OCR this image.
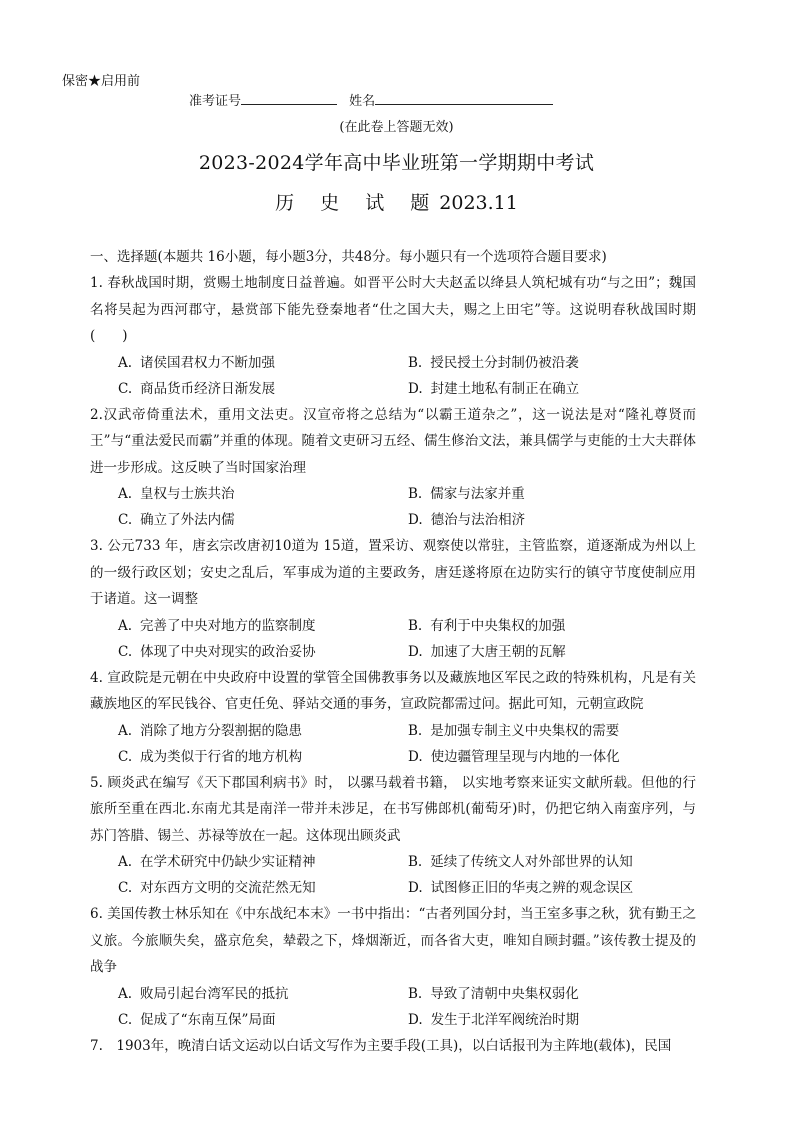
保密★启用前
准考证号	姓名
(在此卷上答题无效)
2023-2024学年高中毕业班第一学期期中考试
历 史 试 题2023.11
一、选择题(本题共 16小题，每小题3分，共48分。每小题只有一个选项符合题目要求)
1. 春秋战国时期，赏赐土地制度日益普遍。如晋平公时大夫赵孟以绛县人筑杞城有功“与之田”；魏国名将吴起为西河郡守，悬赏部下能先登秦地者“仕之国大夫，赐之上田宅”等。这说明春秋战国时期(　　)
A. 诸侯国君权力不断加强	B. 授民授土分封制仍被沿袭
C. 商品货币经济日渐发展	D. 封建土地私有制正在确立
2.汉武帝倚重法术，重用文法吏。汉宣帝将之总结为“以霸王道杂之”，这一说法是对“隆礼尊贤而王”与“重法爱民而霸”并重的体现。随着文吏研习五经、儒生修治文法，兼具儒学与吏能的士大夫群体进一步形成。这反映了当时国家治理
A. 皇权与士族共治	B. 儒家与法家并重
C. 确立了外法内儒	D. 德治与法治相济
3. 公元733 年，唐玄宗改唐初10道为 15道，置采访、观察使以常驻，主管监察，道逐渐成为州以上的一级行政区划；安史之乱后，军事成为道的主要政务，唐廷遂将原在边防实行的镇守节度使制应用于诸道。这一调整
A. 完善了中央对地方的监察制度	B. 有利于中央集权的加强
C. 体现了中央对现实的政治妥协	D. 加速了大唐王朝的瓦解
4. 宣政院是元朝在中央政府中设置的掌管全国佛教事务以及藏族地区军民之政的特殊机构，凡是有关藏族地区的军民钱谷、官吏任免、驿站交通的事务，宣政院都需过问。据此可知，元朝宣政院
A. 消除了地方分裂割据的隐患	B. 是加强专制主义中央集权的需要
C. 成为类似于行省的地方机构	D. 使边疆管理呈现与内地的一体化
5. 顾炎武在编写《天下郡国利病书》时， 以骡马载着书籍， 以实地考察来证实文献所载。但他的行旅所至重在西北.东南尤其是南洋一带并未涉足，在书写佛郎机(葡萄牙)时，仍把它纳入南蛮序列，与苏门答腊、锡兰、苏禄等放在一起。这体现出顾炎武
A. 在学术研究中仍缺少实证精神	B. 延续了传统文人对外部世界的认知
C. 对东西方文明的交流茫然无知	D. 试图修正旧的华夷之辨的观念误区
6. 美国传教士林乐知在《中东战纪本末》一书中指出：“古者列国分封，当王室多事之秋，犹有勤王之义旅。今旅顺失矣，盛京危矣，辇毂之下，烽烟渐近，而各省大吏，唯知自顾封疆。”该传教士提及的战争
A. 败局引起台湾军民的抵抗	B. 导致了清朝中央集权弱化
C. 促成了“东南互保”局面	D. 发生于北洋军阀统治时期
7.　1903年，晚清白话文运动以白话文写作为主要手段(工具)，以白话报刊为主阵地(载体)，民国
